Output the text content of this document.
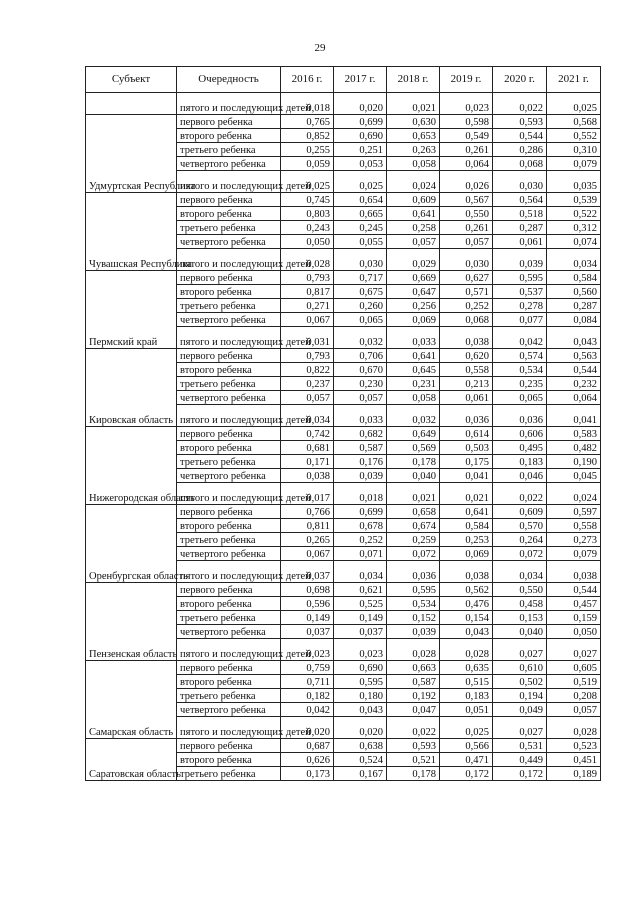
29
Субъект	Очередность	2016 г.	2017 г.	2018 г.	2019 г.	2020 г.	2021 г.
	пятого и последующих детей	0,018	0,020	0,021	0,023	0,022	0,025
Удмуртская Республика	первого ребенка	0,765	0,699	0,630	0,598	0,593	0,568
	второго ребенка	0,852	0,690	0,653	0,549	0,544	0,552
	третьего ребенка	0,255	0,251	0,263	0,261	0,286	0,310
	четвертого ребенка	0,059	0,053	0,058	0,064	0,068	0,079
	пятого и последующих детей	0,025	0,025	0,024	0,026	0,030	0,035
Чувашская Республика	первого ребенка	0,745	0,654	0,609	0,567	0,564	0,539
	второго ребенка	0,803	0,665	0,641	0,550	0,518	0,522
	третьего ребенка	0,243	0,245	0,258	0,261	0,287	0,312
	четвертого ребенка	0,050	0,055	0,057	0,057	0,061	0,074
	пятого и последующих детей	0,028	0,030	0,029	0,030	0,039	0,034
Пермский край	первого ребенка	0,793	0,717	0,669	0,627	0,595	0,584
	второго ребенка	0,817	0,675	0,647	0,571	0,537	0,560
	третьего ребенка	0,271	0,260	0,256	0,252	0,278	0,287
	четвертого ребенка	0,067	0,065	0,069	0,068	0,077	0,084
	пятого и последующих детей	0,031	0,032	0,033	0,038	0,042	0,043
Кировская область	первого ребенка	0,793	0,706	0,641	0,620	0,574	0,563
	второго ребенка	0,822	0,670	0,645	0,558	0,534	0,544
	третьего ребенка	0,237	0,230	0,231	0,213	0,235	0,232
	четвертого ребенка	0,057	0,057	0,058	0,061	0,065	0,064
	пятого и последующих детей	0,034	0,033	0,032	0,036	0,036	0,041
Нижегородская область	первого ребенка	0,742	0,682	0,649	0,614	0,606	0,583
	второго ребенка	0,681	0,587	0,569	0,503	0,495	0,482
	третьего ребенка	0,171	0,176	0,178	0,175	0,183	0,190
	четвертого ребенка	0,038	0,039	0,040	0,041	0,046	0,045
	пятого и последующих детей	0,017	0,018	0,021	0,021	0,022	0,024
Оренбургская область	первого ребенка	0,766	0,699	0,658	0,641	0,609	0,597
	второго ребенка	0,811	0,678	0,674	0,584	0,570	0,558
	третьего ребенка	0,265	0,252	0,259	0,253	0,264	0,273
	четвертого ребенка	0,067	0,071	0,072	0,069	0,072	0,079
	пятого и последующих детей	0,037	0,034	0,036	0,038	0,034	0,038
Пензенская область	первого ребенка	0,698	0,621	0,595	0,562	0,550	0,544
	второго ребенка	0,596	0,525	0,534	0,476	0,458	0,457
	третьего ребенка	0,149	0,149	0,152	0,154	0,153	0,159
	четвертого ребенка	0,037	0,037	0,039	0,043	0,040	0,050
	пятого и последующих детей	0,023	0,023	0,028	0,028	0,027	0,027
Самарская область	первого ребенка	0,759	0,690	0,663	0,635	0,610	0,605
	второго ребенка	0,711	0,595	0,587	0,515	0,502	0,519
	третьего ребенка	0,182	0,180	0,192	0,183	0,194	0,208
	четвертого ребенка	0,042	0,043	0,047	0,051	0,049	0,057
	пятого и последующих детей	0,020	0,020	0,022	0,025	0,027	0,028
Саратовская область	первого ребенка	0,687	0,638	0,593	0,566	0,531	0,523
	второго ребенка	0,626	0,524	0,521	0,471	0,449	0,451
	третьего ребенка	0,173	0,167	0,178	0,172	0,172	0,189
